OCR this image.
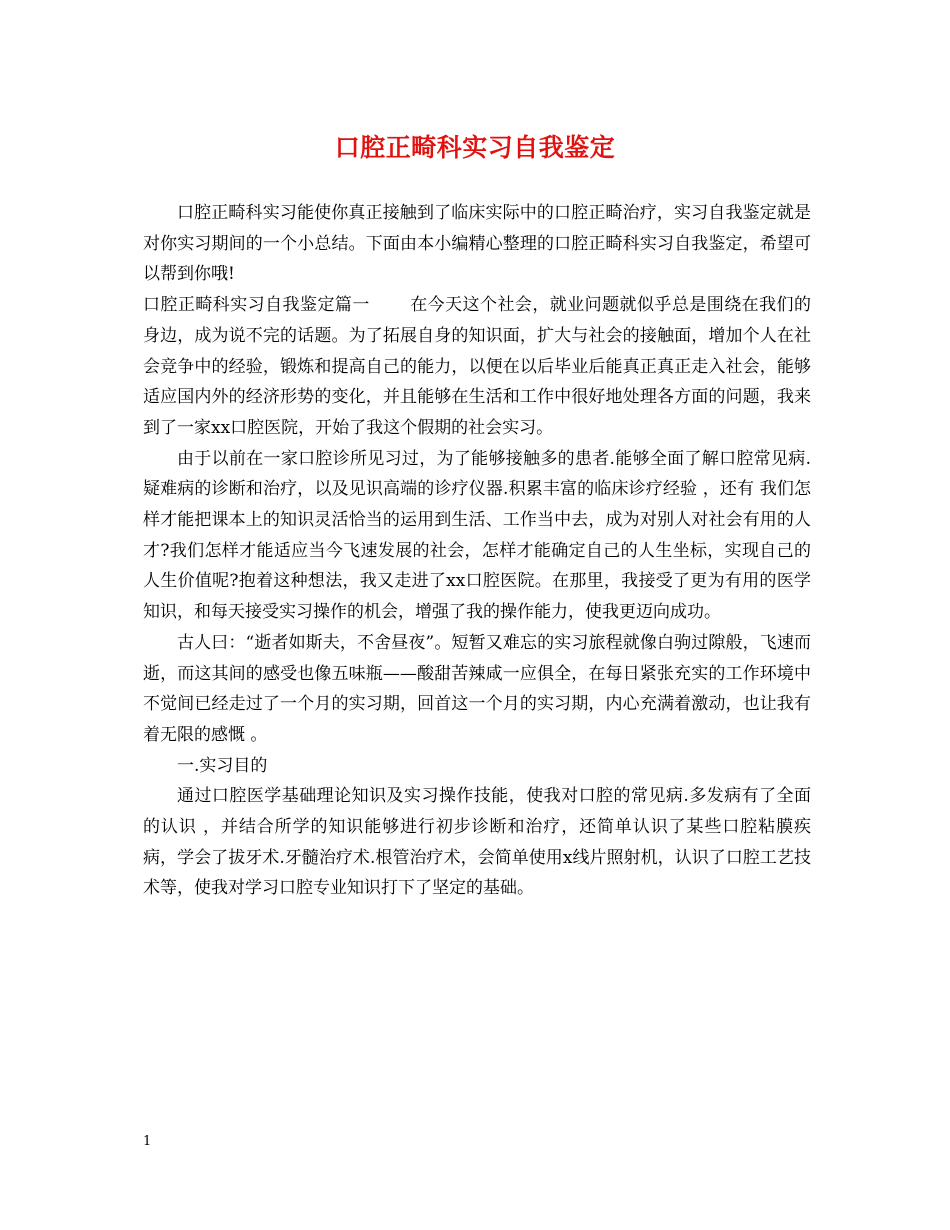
口腔正畸科实习自我鉴定

口腔正畸科实习能使你真正接触到了临床实际中的口腔正畸治疗，实习自我鉴定就是对你实习期间的一个小总结。下面由本小编精心整理的口腔正畸科实习自我鉴定，希望可以帮到你哦!

口腔正畸科实习自我鉴定篇一 在今天这个社会，就业问题就似乎总是围绕在我们的身边，成为说不完的话题。为了拓展自身的知识面，扩大与社会的接触面，增加个人在社会竞争中的经验，锻炼和提高自己的能力，以便在以后毕业后能真正真正走入社会，能够适应国内外的经济形势的变化，并且能够在生活和工作中很好地处理各方面的问题，我来到了一家xx口腔医院，开始了我这个假期的社会实习。

由于以前在一家口腔诊所见习过，为了能够接触多的患者.能够全面了解口腔常见病.疑难病的诊断和治疗，以及见识高端的诊疗仪器.积累丰富的临床诊疗经验 ，还有 我们怎样才能把课本上的知识灵活恰当的运用到生活、工作当中去，成为对别人对社会有用的人才?我们怎样才能适应当今飞速发展的社会，怎样才能确定自己的人生坐标，实现自己的人生价值呢?抱着这种想法，我又走进了xx口腔医院。在那里，我接受了更为有用的医学知识，和每天接受实习操作的机会，增强了我的操作能力，使我更迈向成功。

古人曰：“逝者如斯夫，不舍昼夜”。短暂又难忘的实习旅程就像白驹过隙般，飞速而逝，而这其间的感受也像五味瓶——酸甜苦辣咸一应俱全，在每日紧张充实的工作环境中不觉间已经走过了一个月的实习期，回首这一个月的实习期，内心充满着激动，也让我有着无限的感慨 。

一.实习目的

通过口腔医学基础理论知识及实习操作技能，使我对口腔的常见病.多发病有了全面的认识 ，并结合所学的知识能够进行初步诊断和治疗，还简单认识了某些口腔粘膜疾病，学会了拔牙术.牙髓治疗术.根管治疗术，会简单使用x线片照射机，认识了口腔工艺技术等，使我对学习口腔专业知识打下了坚定的基础。

1
